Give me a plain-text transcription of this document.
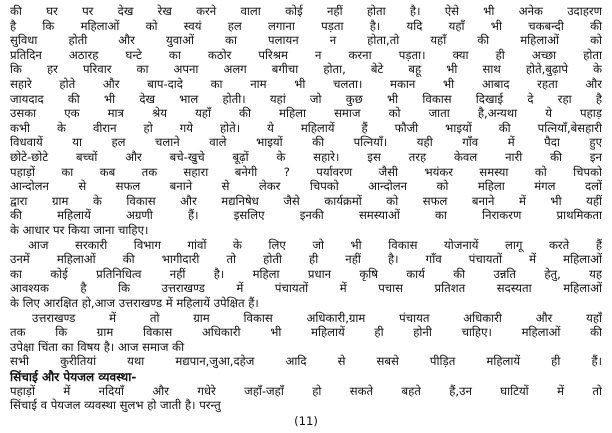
की घर पर देख रेख करने वाला कोई नहीं होता है। ऐसे भी अनेक उदाहरण
है कि महिलाओं को स्वयं हल लगाना पड़ता है। यदि यहाँ भी चकबन्दी की
सुविधा होती और युवाओं का पलायन न होता,तो यहाँ की महिलाओं को
प्रतिदिन अठारह घन्टे का कठोर परिश्रम न करना पड़ता। क्या ही अच्छा होता
कि हर परिवार का अपना अलग बगीचा होता, बेटे बहू भी साथ होते,बुढ़ापे के
सहारे होते और बाप-दादे का नाम भी चलता। मकान भी आबाद रहता और
जायदाद की भी देख भाल होती। यहां जो कुछ भी विकास दिखाई दे रहा है
उसका एक मात्र श्रेय यहाँ की महिला समाज को जाता है,अन्यथा ये पहाड़
कभी के वीरान हो गये होते। ये महिलायें हैं फौजी भाइयों की पत्नियाँ,बेसहारी
विधवायें या हल चलाने वाले भाइयों की पत्नियाँ। यही गाँव में पैदा हुए
छोटे-छोटे बच्चों और बचे-खुचे बूढ़ों के सहारे। इस तरह केवल नारी की इन
पहाड़ों का कब तक सहारा बनेगी ? पर्यावरण जैसी भयंकर समस्या को चिपको
आन्दोलन से सफल बनाने से लेकर चिपको आन्दोलन को महिला मंगल दलों
द्वारा ग्राम के विकास और मद्यनिषेध जैसे कार्यक्रमों को सफल बनाने में भी यहीं
की महिलायें अग्रणी हैं। इसलिए इनकी समस्याओं का निराकरण प्राथमिकता
के आधार पर किया जाना चाहिए।
आज सरकारी विभाग गांवों के लिए जो भी विकास योजनायें लागू करते हैं
उनमें महिलाओं की भागीदारी तो होती ही नहीं है। गाँव पंचायतों में महिलाओं
का कोई प्रतिनिधित्व नहीं है। महिला प्रधान कृषि कार्य की उन्नति हेतु, यह
आवश्यक है कि उत्तराखण्ड में पंचायतों में पचास प्रतिशत सदस्यता महिलाओं
के लिए आरक्षित हो,आज उत्तराखण्ड में महिलायें उपेक्षित हैं।
उत्तराखण्ड में तो ग्राम विकास अधिकारी,ग्राम पंचायत अधिकारी और यहाँ
तक कि ग्राम विकास अधिकारी भी महिलायें ही होनी चाहिए। महिलाओं की
उपेक्षा चिंता का विषय है। आज समाज की
सभी कुरीतियां यथा मद्यपान,जुआ,दहेज आदि से सबसे पीड़ित महिलायें ही हैं।
सिंचाई और पेयजल व्यवस्था-
पहाड़ों में नदियाँ और गधेरे जहाँ-जहाँ हो सकते बहते हैं,उन घाटियों में तो
सिंचाई व पेयजल व्यवस्था सुलभ हो जाती है। परन्तु
(11)
